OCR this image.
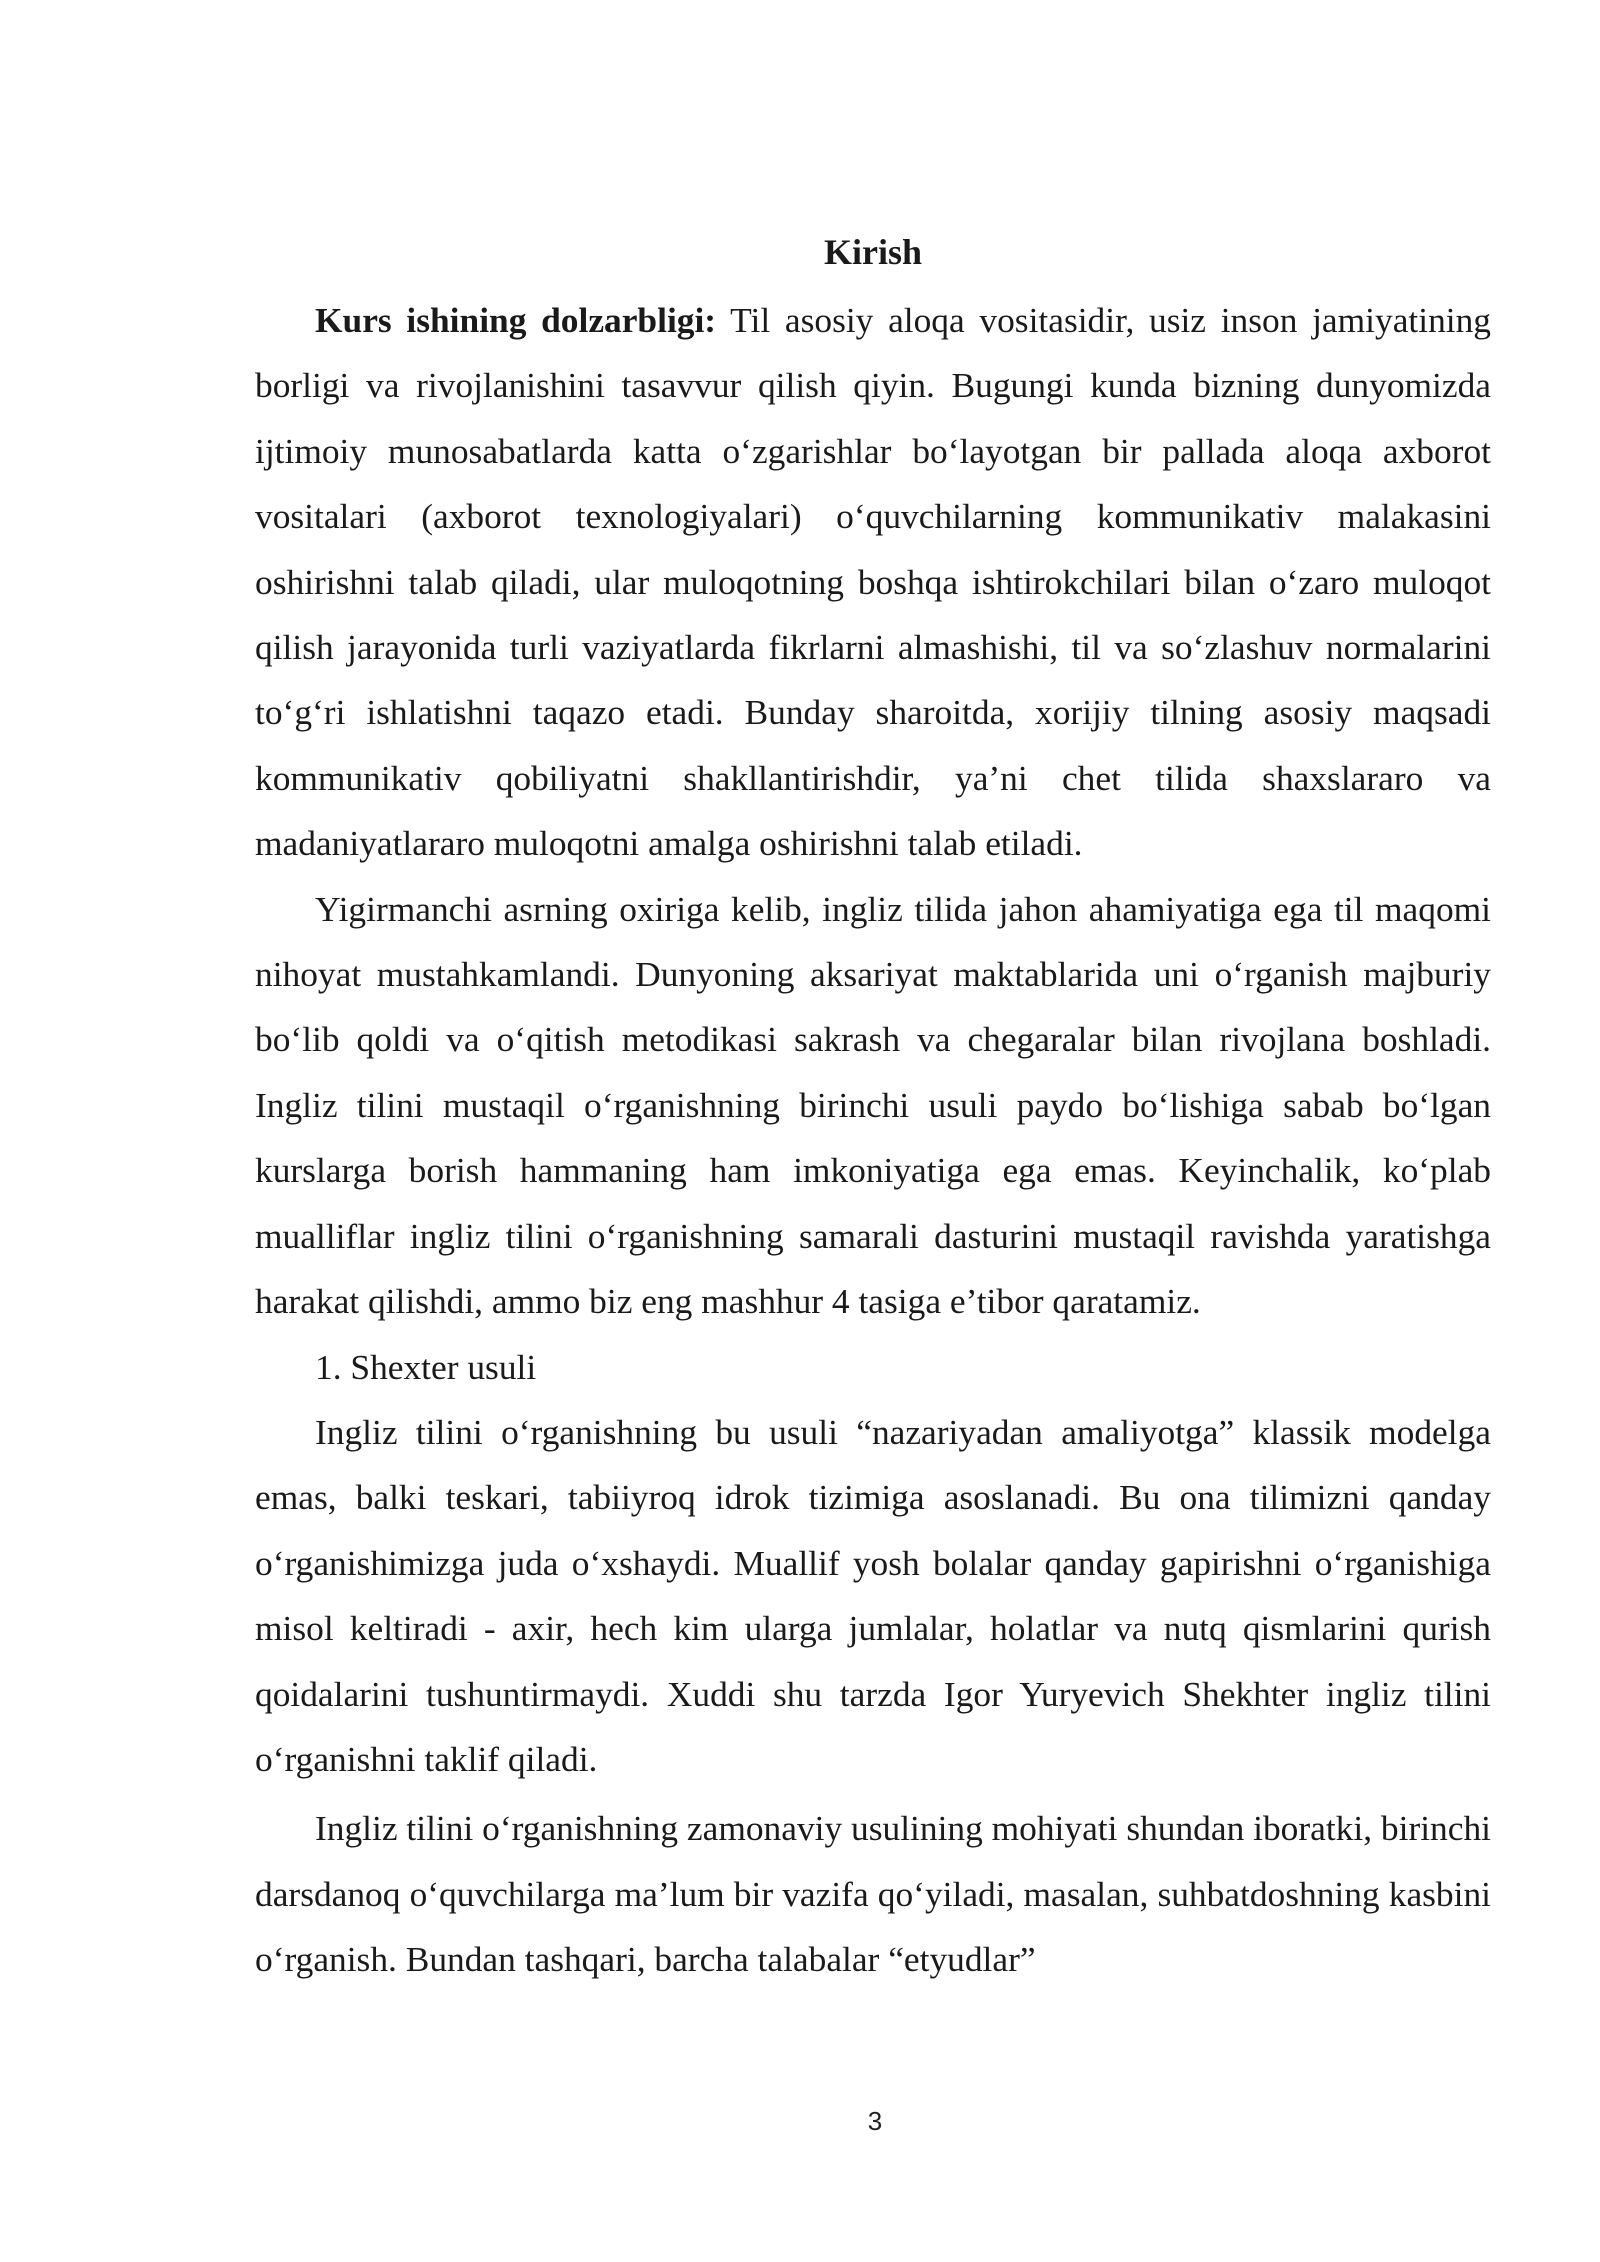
Kirish

Kurs ishining dolzarbligi: Til asosiy aloqa vositasidir, usiz inson jamiyatining borligi va rivojlanishini tasavvur qilish qiyin. Bugungi kunda bizning dunyomizda ijtimoiy munosabatlarda katta o‘zgarishlar bo‘layotgan bir pallada aloqa axborot vositalari (axborot texnologiyalari) o‘quvchilarning kommunikativ malakasini oshirishni talab qiladi, ular muloqotning boshqa ishtirokchilari bilan o‘zaro muloqot qilish jarayonida turli vaziyatlarda fikrlarni almashishi, til va so‘zlashuv normalarini to‘g‘ri ishlatishni taqazo etadi. Bunday sharoitda, xorijiy tilning asosiy maqsadi kommunikativ qobiliyatni shakllantirishdir, ya’ni chet tilida shaxslararo va madaniyatlararo muloqotni amalga oshirishni talab etiladi.

Yigirmanchi asrning oxiriga kelib, ingliz tilida jahon ahamiyatiga ega til maqomi nihoyat mustahkamlandi. Dunyoning aksariyat maktablarida uni o‘rganish majburiy bo‘lib qoldi va o‘qitish metodikasi sakrash va chegaralar bilan rivojlana boshladi. Ingliz tilini mustaqil o‘rganishning birinchi usuli paydo bo‘lishiga sabab bo‘lgan kurslarga borish hammaning ham imkoniyatiga ega emas. Keyinchalik, ko‘plab mualliflar ingliz tilini o‘rganishning samarali dasturini mustaqil ravishda yaratishga harakat qilishdi, ammo biz eng mashhur 4 tasiga e’tibor qaratamiz.

1. Shexter usuli

Ingliz tilini o‘rganishning bu usuli “nazariyadan amaliyotga” klassik modelga emas, balki teskari, tabiiyroq idrok tizimiga asoslanadi. Bu ona tilimizni qanday o‘rganishimizga juda o‘xshaydi. Muallif yosh bolalar qanday gapirishni o‘rganishiga misol keltiradi - axir, hech kim ularga jumlalar, holatlar va nutq qismlarini qurish qoidalarini tushuntirmaydi. Xuddi shu tarzda Igor Yuryevich Shekhter ingliz tilini o‘rganishni taklif qiladi.

Ingliz tilini o‘rganishning zamonaviy usulining mohiyati shundan iboratki, birinchi darsdanoq o‘quvchilarga ma’lum bir vazifa qo‘yiladi, masalan, suhbatdoshning kasbini o‘rganish. Bundan tashqari, barcha talabalar “etyudlar”

3
